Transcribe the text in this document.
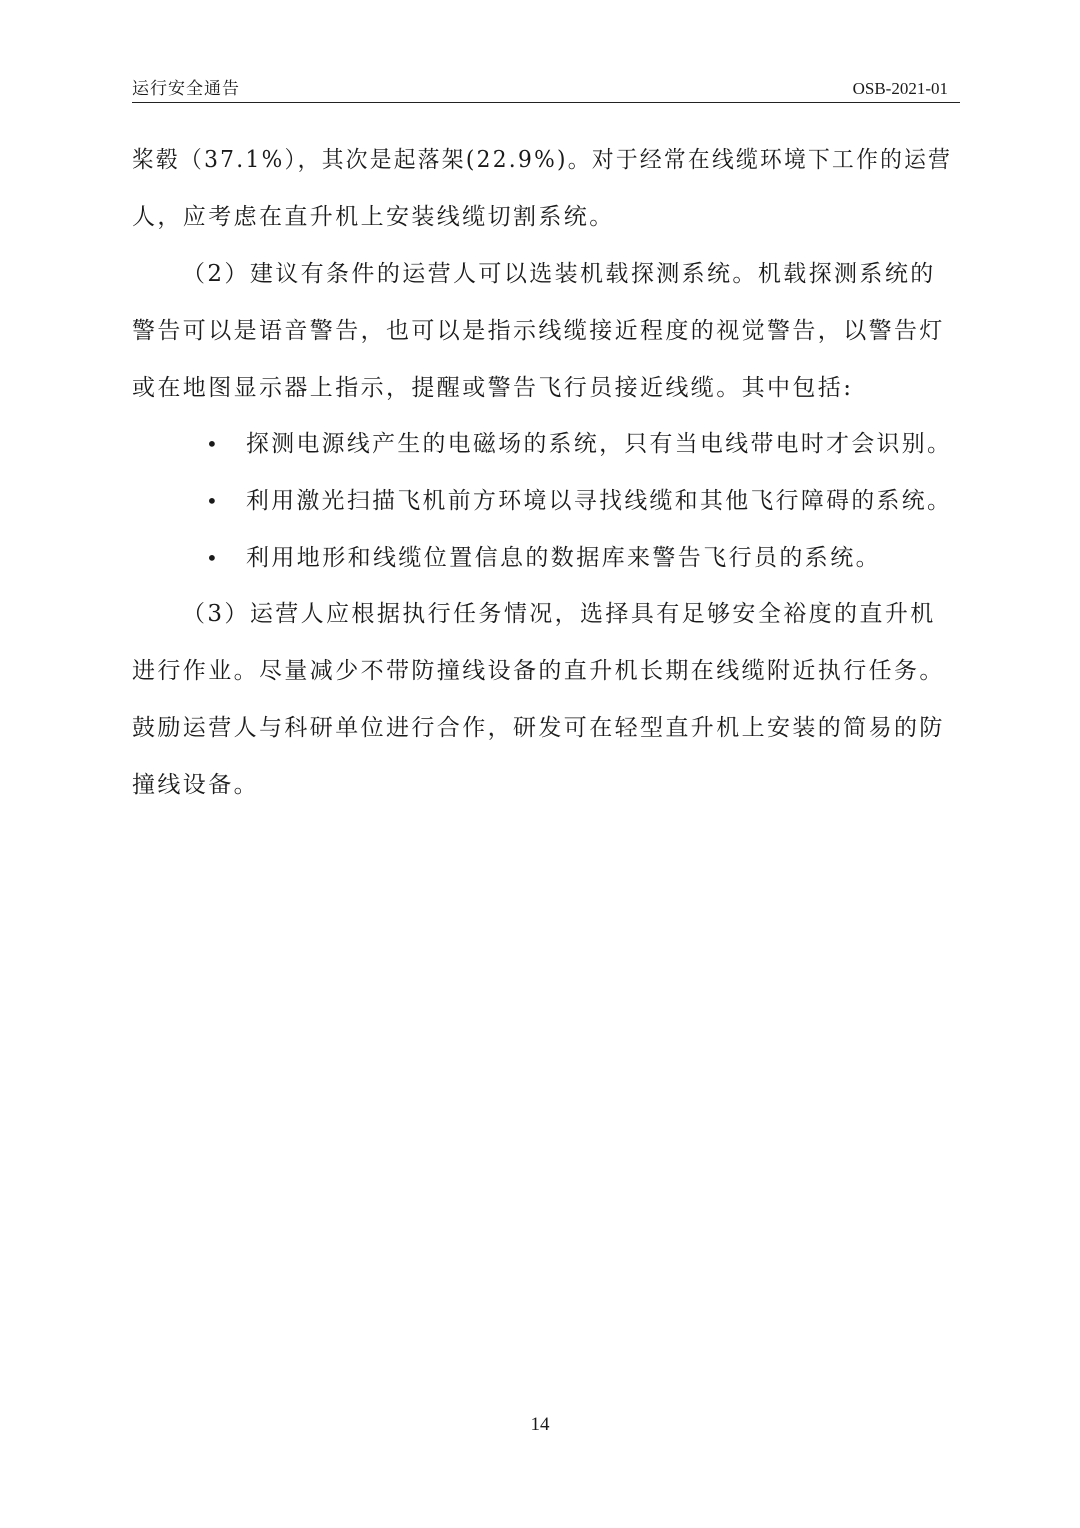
运行安全通告	OSB-2021-01
桨毂（37.1%），其次是起落架(22.9%)。对于经常在线缆环境下工作的运营
人，应考虑在直升机上安装线缆切割系统。
（2）建议有条件的运营人可以选装机载探测系统。机载探测系统的
警告可以是语音警告，也可以是指示线缆接近程度的视觉警告，以警告灯
或在地图显示器上指示，提醒或警告飞行员接近线缆。其中包括:
• 探测电源线产生的电磁场的系统，只有当电线带电时才会识别。
• 利用激光扫描飞机前方环境以寻找线缆和其他飞行障碍的系统。
• 利用地形和线缆位置信息的数据库来警告飞行员的系统。
（3）运营人应根据执行任务情况，选择具有足够安全裕度的直升机
进行作业。尽量减少不带防撞线设备的直升机长期在线缆附近执行任务。
鼓励运营人与科研单位进行合作，研发可在轻型直升机上安装的简易的防
撞线设备。
14
